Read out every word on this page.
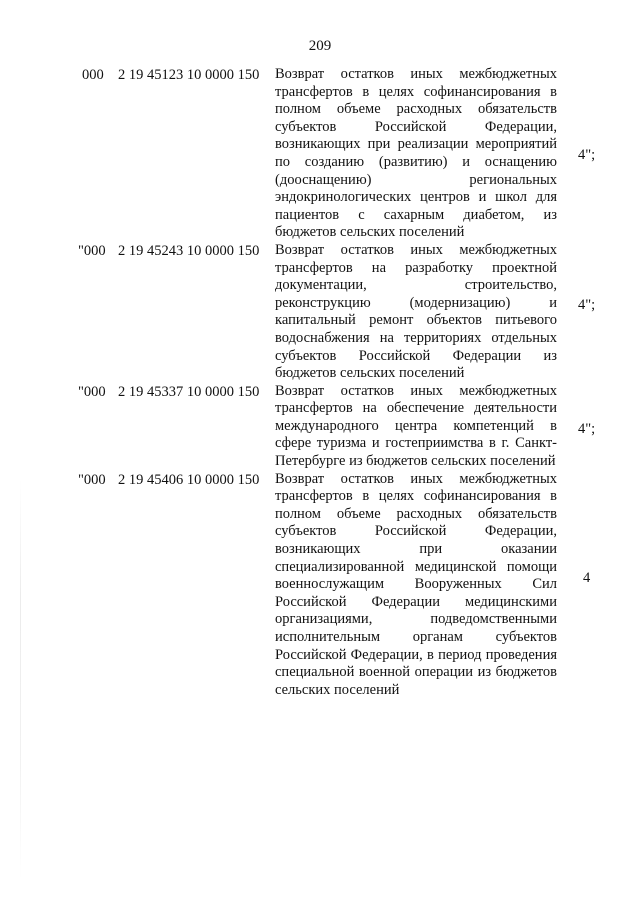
209
000 2 19 45123 10 0000 150 Возврат остатков иных межбюджетных трансфертов в целях софинансирования в полном объеме расходных обязательств субъектов Российской Федерации, возникающих при реализации мероприятий по созданию (развитию) и оснащению (дооснащению) региональных эндокринологических центров и школ для пациентов с сахарным диабетом, из бюджетов сельских поселений
4";
"000 2 19 45243 10 0000 150 Возврат остатков иных межбюджетных трансфертов на разработку проектной документации, строительство, реконструкцию (модернизацию) и капитальный ремонт объектов питьевого водоснабжения на территориях отдельных субъектов Российской Федерации из бюджетов сельских поселений
4";
"000 2 19 45337 10 0000 150 Возврат остатков иных межбюджетных трансфертов на обеспечение деятельности международного центра компетенций в сфере туризма и гостеприимства в г. Санкт-Петербурге из бюджетов сельских поселений
4";
"000 2 19 45406 10 0000 150 Возврат остатков иных межбюджетных трансфертов в целях софинансирования в полном объеме расходных обязательств субъектов Российской Федерации, возникающих при оказании специализированной медицинской помощи военнослужащим Вооруженных Сил Российской Федерации медицинскими организациями, подведомственными исполнительным органам субъектов Российской Федерации, в период проведения специальной военной операции из бюджетов сельских поселений
4
